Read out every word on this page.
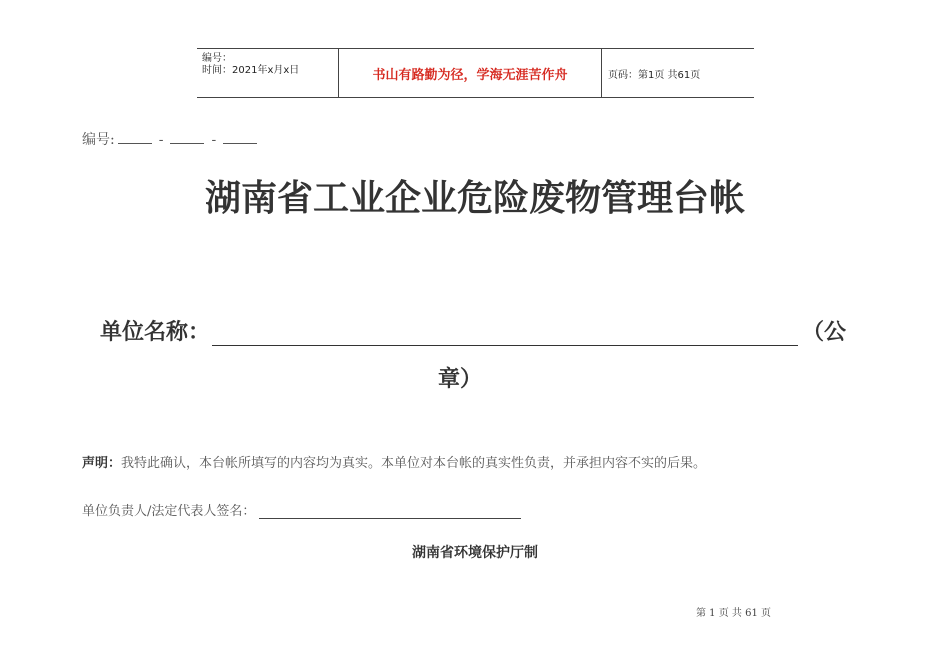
编号：
时间：2021年x月x日	书山有路勤为径，学海无涯苦作舟	页码：第1页 共61页
编号:	-	-
湖南省工业企业危险废物管理台帐
单位名称：	（公
章）
声明：我特此确认，本台帐所填写的内容均为真实。本单位对本台帐的真实性负责，并承担内容不实的后果。
单位负责人/法定代表人签名：
湖南省环境保护厅制
第 1 页 共 61 页
